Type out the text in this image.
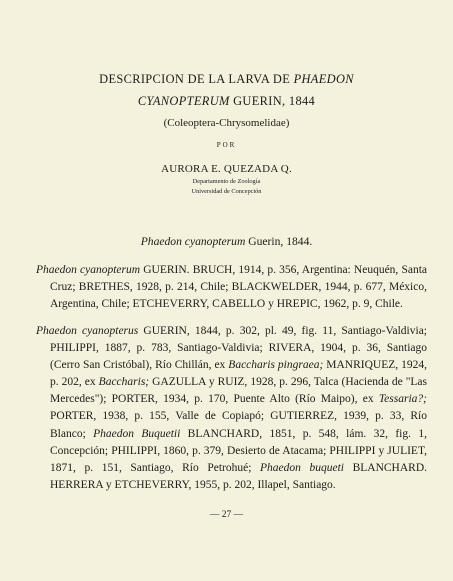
DESCRIPCION DE LA LARVA DE PHAEDON

CYANOPTERUM GUERIN, 1844

(Coleoptera-Chrysomelidae)

POR

AURORA E. QUEZADA Q.

Departamento de Zoología

Universidad de Concepción

Phaedon cyanopterum Guerin, 1844.

Phaedon cyanopterum GUERIN. BRUCH, 1914, p. 356, Argentina: Neuquén, Santa Cruz; BRETHES, 1928, p. 214, Chile; BLACKWELDER, 1944, p. 677, México, Argentina, Chile; ETCHEVERRY, CABELLO y HREPIC, 1962, p. 9, Chile.

Phaedon cyanopterus GUERIN, 1844, p. 302, pl. 49, fig. 11, Santiago-Valdivia; PHILIPPI, 1887, p. 783, Santiago-Valdivia; RIVERA, 1904, p. 36, Santiago (Cerro San Cristóbal), Río Chillán, ex Baccharis pingraea; MANRIQUEZ, 1924, p. 202, ex Baccharis; GAZULLA y RUIZ, 1928, p. 296, Talca (Hacienda de "Las Mercedes"); PORTER, 1934, p. 170, Puente Alto (Río Maipo), ex Tessaria?; PORTER, 1938, p. 155, Valle de Copiapó; GUTIERREZ, 1939, p. 33, Río Blanco; Phaedon Buquetii BLANCHARD, 1851, p. 548, lám. 32, fig. 1, Concepción; PHILIPPI, 1860, p. 379, Desierto de Atacama; PHILIPPI y JULIET, 1871, p. 151, Santiago, Río Petrohué; Phaedon buqueti BLANCHARD. HERRERA y ETCHEVERRY, 1955, p. 202, Illapel, Santiago.

— 27 —
